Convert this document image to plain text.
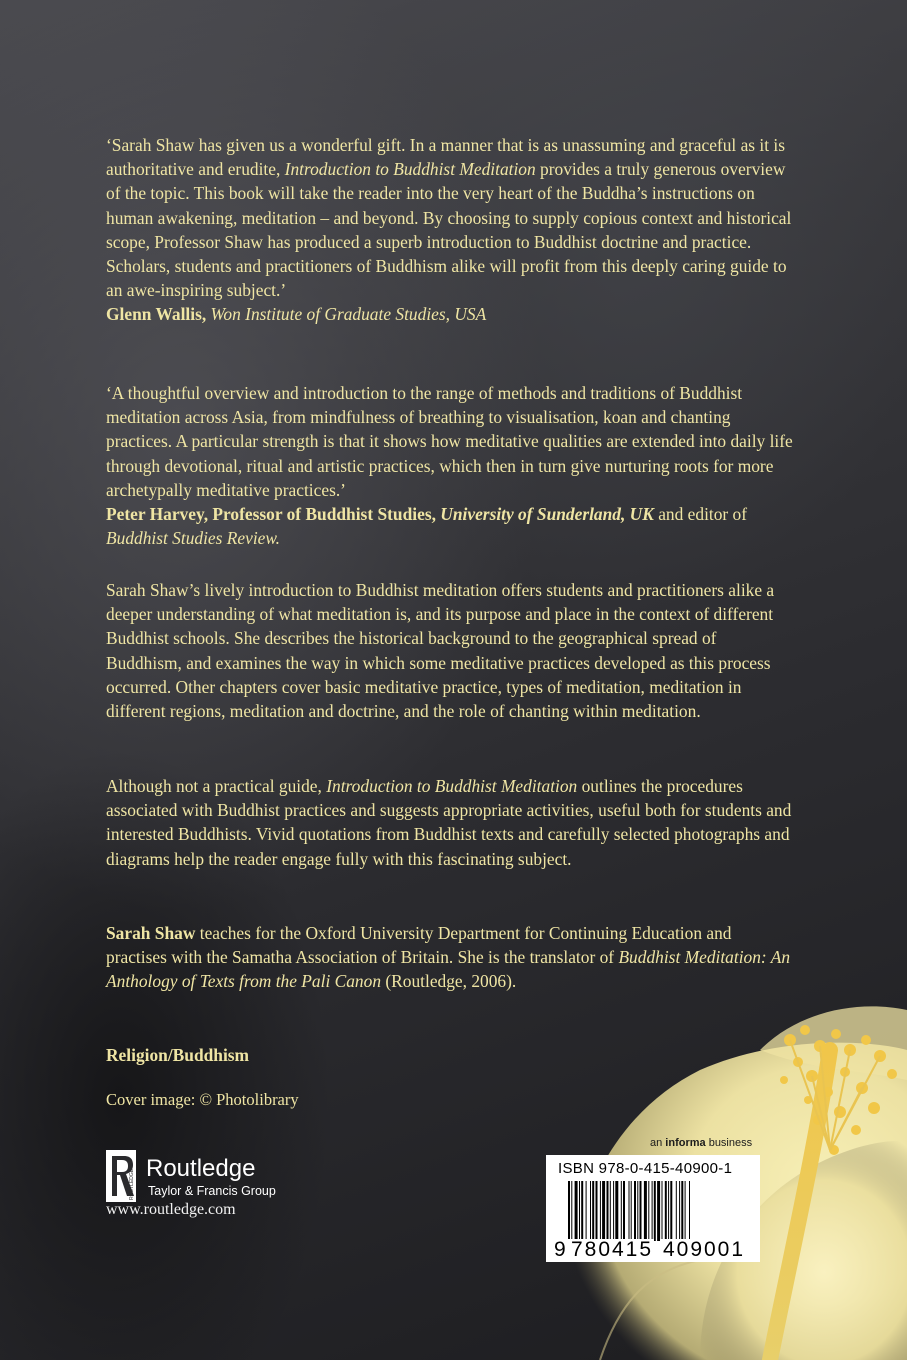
‘Sarah Shaw has given us a wonderful gift. In a manner that is as unassuming and graceful as it is authoritative and erudite, Introduction to Buddhist Meditation provides a truly generous overview of the topic. This book will take the reader into the very heart of the Buddha’s instructions on human awakening, meditation – and beyond. By choosing to supply copious context and historical scope, Professor Shaw has produced a superb introduction to Buddhist doctrine and practice. Scholars, students and practitioners of Buddhism alike will profit from this deeply caring guide to an awe-inspiring subject.’

Glenn Wallis, Won Institute of Graduate Studies, USA

‘A thoughtful overview and introduction to the range of methods and traditions of Buddhist meditation across Asia, from mindfulness of breathing to visualisation, koan and chanting practices. A particular strength is that it shows how meditative qualities are extended into daily life through devotional, ritual and artistic practices, which then in turn give nurturing roots for more archetypally meditative practices.’

Peter Harvey, Professor of Buddhist Studies, University of Sunderland, UK and editor of Buddhist Studies Review.

Sarah Shaw’s lively introduction to Buddhist meditation offers students and practitioners alike a deeper understanding of what meditation is, and its purpose and place in the context of different Buddhist schools. She describes the historical background to the geographical spread of Buddhism, and examines the way in which some meditative practices developed as this process occurred. Other chapters cover basic meditative practice, types of meditation, meditation in different regions, meditation and doctrine, and the role of chanting within meditation.

Although not a practical guide, Introduction to Buddhist Meditation outlines the procedures associated with Buddhist practices and suggests appropriate activities, useful both for students and interested Buddhists. Vivid quotations from Buddhist texts and carefully selected photographs and diagrams help the reader engage fully with this fascinating subject.

Sarah Shaw teaches for the Oxford University Department for Continuing Education and practises with the Samatha Association of Britain. She is the translator of Buddhist Meditation: An Anthology of Texts from the Pali Canon (Routledge, 2006).

Religion/Buddhism

Cover image: © Photolibrary

ROUTLEDGE
Routledge
Taylor & Francis Group
www.routledge.com
an informa business
ISBN 978-0-415-40900-1
9 780415 409001
